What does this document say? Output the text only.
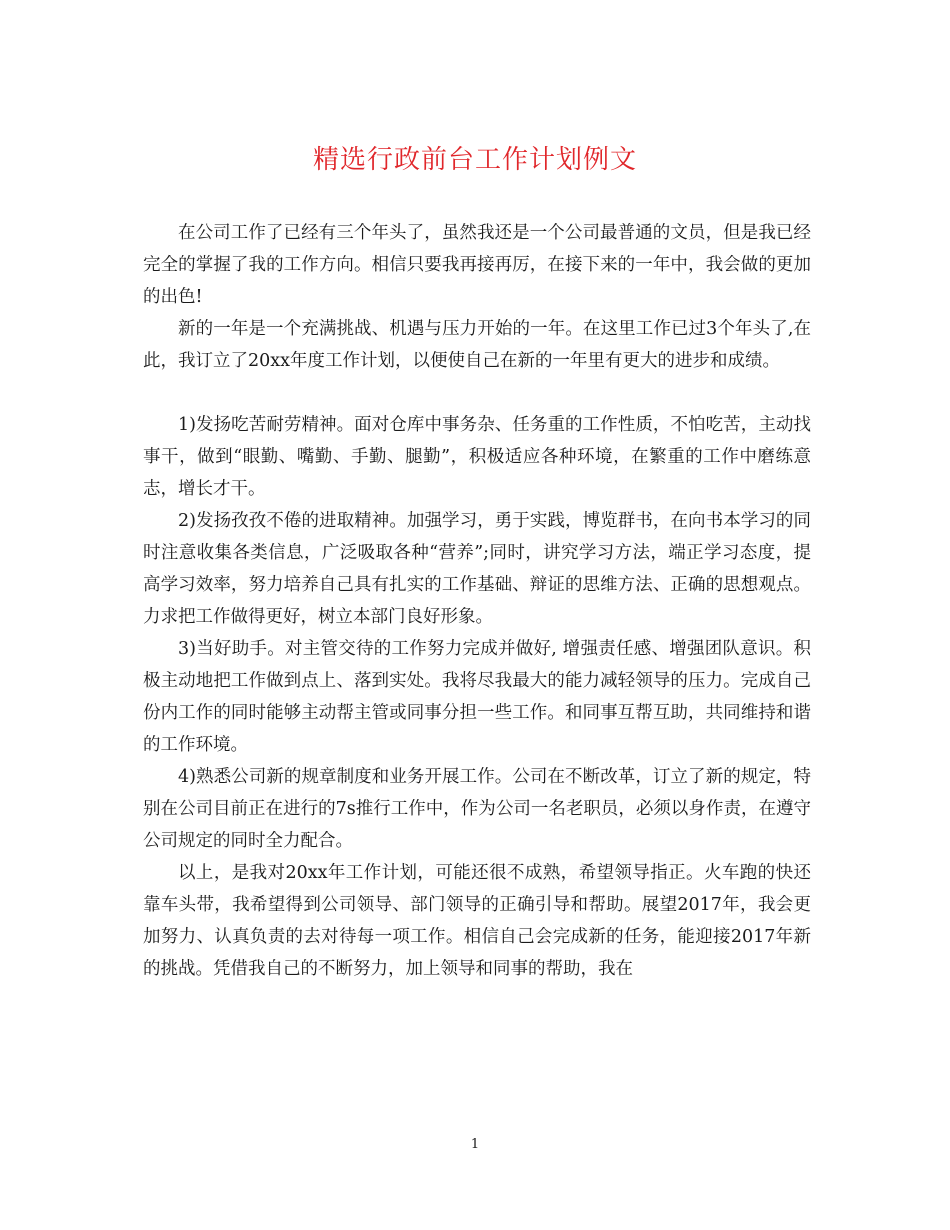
精选行政前台工作计划例文

在公司工作了已经有三个年头了，虽然我还是一个公司最普通的文员，但是我已经完全的掌握了我的工作方向。相信只要我再接再厉，在接下来的一年中，我会做的更加的出色!

新的一年是一个充满挑战、机遇与压力开始的一年。在这里工作已过3个年头了,在此，我订立了20xx年度工作计划，以便使自己在新的一年里有更大的进步和成绩。

1)发扬吃苦耐劳精神。面对仓库中事务杂、任务重的工作性质，不怕吃苦，主动找事干，做到“眼勤、嘴勤、手勤、腿勤”，积极适应各种环境，在繁重的工作中磨练意志，增长才干。

2)发扬孜孜不倦的进取精神。加强学习，勇于实践，博览群书，在向书本学习的同时注意收集各类信息，广泛吸取各种“营养”;同时，讲究学习方法，端正学习态度，提高学习效率，努力培养自己具有扎实的工作基础、辩证的思维方法、正确的思想观点。力求把工作做得更好，树立本部门良好形象。

3)当好助手。对主管交待的工作努力完成并做好, 增强责任感、增强团队意识。积极主动地把工作做到点上、落到实处。我将尽我最大的能力减轻领导的压力。完成自己份内工作的同时能够主动帮主管或同事分担一些工作。和同事互帮互助，共同维持和谐的工作环境。

4)熟悉公司新的规章制度和业务开展工作。公司在不断改革，订立了新的规定，特别在公司目前正在进行的7s推行工作中，作为公司一名老职员，必须以身作责，在遵守公司规定的同时全力配合。

以上，是我对20xx年工作计划，可能还很不成熟，希望领导指正。火车跑的快还靠车头带，我希望得到公司领导、部门领导的正确引导和帮助。展望2017年，我会更加努力、认真负责的去对待每一项工作。相信自己会完成新的任务，能迎接2017年新的挑战。凭借我自己的不断努力，加上领导和同事的帮助，我在

1
